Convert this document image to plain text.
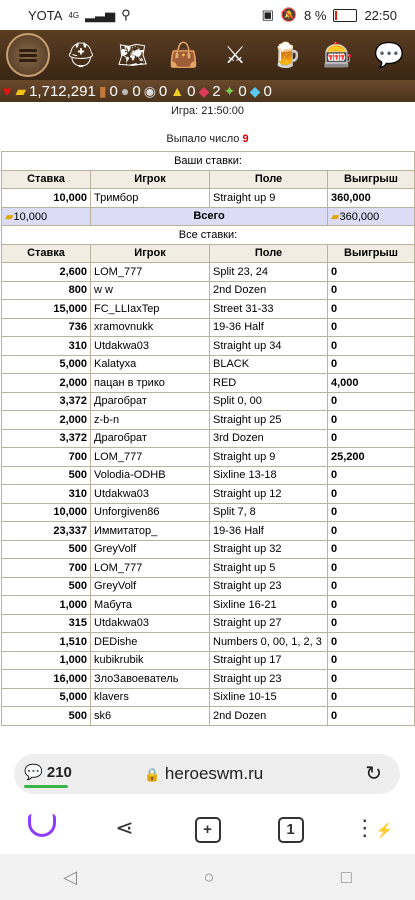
YOTA 4G ▂▃▅ ⚲	▣ 🔕 8 %	22:50
⛑ 🗺 👜	⚔	🍺 🎰 💬
♥ ▰ 1,712,291 ▮ 0 ● 0 ◉ 0 ▲ 0 ◆ 2 ✦ 0 ◆ 0
Игра: 21:50:00
Выпало число 9
Ваши ставки:			
Ставка	Игрок	Поле	Выигрыш
10,000	Тримбор	Straight up 9	360,000
▰10,000	Всего		▰360,000
Все ставки:			
Ставка	Игрок	Поле	Выигрыш
2,600	LOM_777	Split 23, 24	0
800	w w	2nd Dozen	0
15,000	FC_LLIaxTep	Street 31-33	0
736	xramovnukk	19-36 Half	0
310	Utdakwa03	Straight up 34	0
5,000	Kalatyxa	BLACK	0
2,000	пацан в трико	RED	4,000
3,372	Драгобрат	Split 0, 00	0
2,000	z-b-n	Straight up 25	0
3,372	Драгобрат	3rd Dozen	0
700	LOM_777	Straight up 9	25,200
500	Volodia-ODHB	Sixline 13-18	0
310	Utdakwa03	Straight up 12	0
10,000	Unforgiven86	Split 7, 8	0
23,337	Иммитатор_	19-36 Half	0
500	GreyVolf	Straight up 32	0
700	LOM_777	Straight up 5	0
500	GreyVolf	Straight up 23	0
1,000	Мабута	Sixline 16-21	0
315	Utdakwa03	Straight up 27	0
1,510	DEDishe	Numbers 0, 00, 1, 2, 3	0
1,000	kubikrubik	Straight up 17	0
16,000	ЗлоЗавоеватель	Straight up 23	0
5,000	klavers	Sixline 10-15	0
500	sk6	2nd Dozen	0
💬 210	🔒 heroeswm.ru	↻
⋖	+	1	⋮⚡
◁	○	□
